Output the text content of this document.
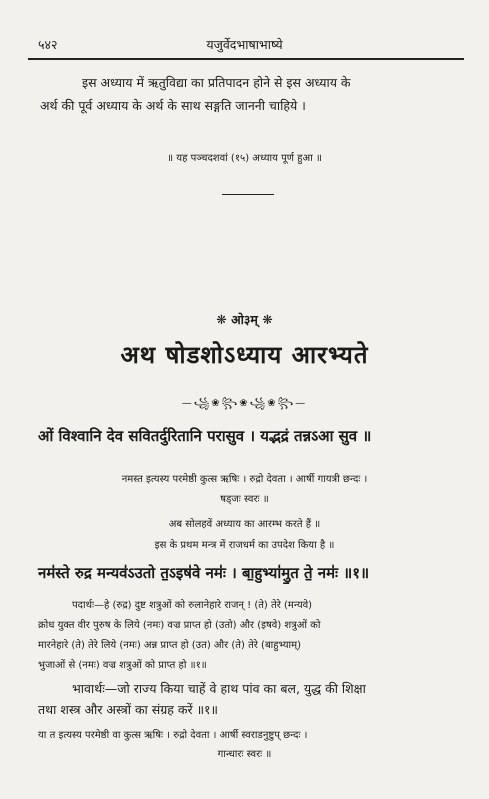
५४२	यजुर्वेदभाषाभाष्ये
इस अध्याय में ऋतुविद्या का प्रतिपादन होने से इस अध्याय के
अर्थ की पूर्व अध्याय के अर्थ के साथ सङ्गति जाननी चाहिये ।
॥ यह पञ्चदशवां (१५) अध्याय पूर्ण हुआ ॥
❋ ओ३म् ❋
अथ षोडशोऽध्याय आरभ्यते
—꧁❀꧂❀꧁❀꧂—
ओं विश्वानि देव सवितर्दुरितानि परासुव । यद्भद्रं तन्नऽआ सुव ॥
नमस्त इत्यस्य परमेष्ठी कुत्स ऋषिः । रुद्रो देवता । आर्षी गायत्री छन्दः ।
षड्जः स्वरः ॥
अब सोलहवें अध्याय का आरम्भ करते हैं ॥
इस के प्रथम मन्त्र में राजधर्म का उपदेश किया है ॥
नम॑स्ते रुद्र मन्यव॑ऽउतो त॒ऽइष॑वे नमः॑ । बा॒हुभ्या॑मु॒त ते॒ नमः॑ ॥१॥
पदार्थः—हे (रुद्र) दुष्ट शत्रुओं को रुलानेहारे राजन् ! (ते) तेरे (मन्यवे)
क्रोध युक्त वीर पुरुष के लिये (नमः) वज्र प्राप्त हो (उतो) और (इषवे) शत्रुओं को
मारनेहारे (ते) तेरे लिये (नमः) अन्न प्राप्त हो (उत) और (ते) तेरे (बाहुभ्याम्)
भुजाओं से (नमः) वज्र शत्रुओं को प्राप्त हो ॥१॥
भावार्थः—जो राज्य किया चाहें वे हाथ पांव का बल, युद्ध की शिक्षा
तथा शस्त्र और अस्त्रों का संग्रह करें ॥१॥
या त इत्यस्य परमेष्ठी वा कुत्स ऋषिः । रुद्रो देवता । आर्षी स्वराडनुष्टुप् छन्दः ।
गान्धारः स्वरः ॥
